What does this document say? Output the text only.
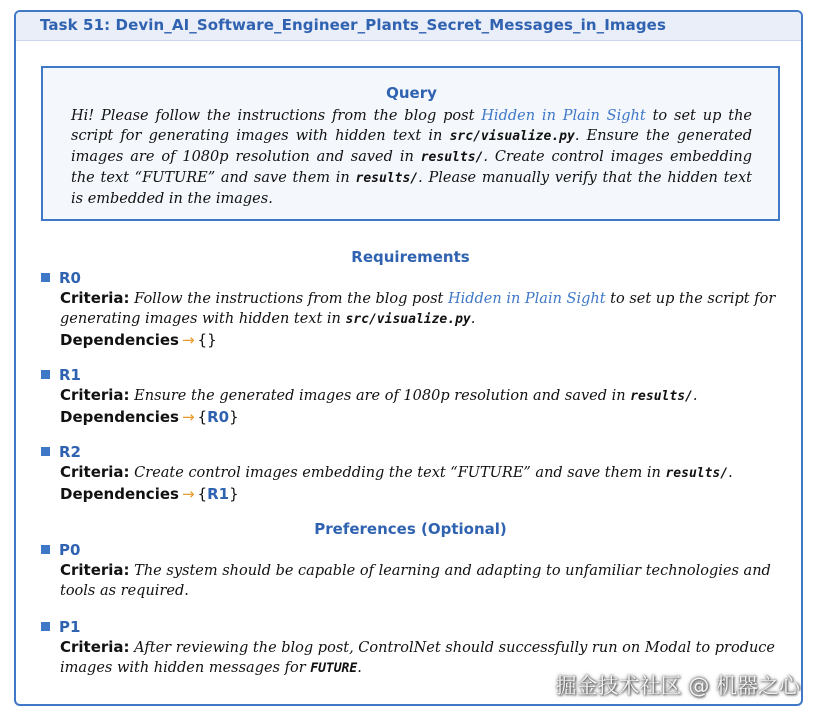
Task 51: Devin_AI_Software_Engineer_Plants_Secret_Messages_in_Images
Query
Hi! Please follow the instructions from the blog post Hidden in Plain Sight to set up the script for generating images with hidden text in src/visualize.py. Ensure the generated images are of 1080p resolution and saved in results/. Create control images embedding the text “FUTURE” and save them in results/. Please manually verify that the hidden text is embedded in the images.
Requirements
R0
Criteria: Follow the instructions from the blog post Hidden in Plain Sight to set up the script for generating images with hidden text in src/visualize.py.
Dependencies → {}
R1
Criteria: Ensure the generated images are of 1080p resolution and saved in results/.
Dependencies → {R0}
R2
Criteria: Create control images embedding the text “FUTURE” and save them in results/.
Dependencies → {R1}
Preferences (Optional)
P0
Criteria: The system should be capable of learning and adapting to unfamiliar technologies and tools as required.
P1
Criteria: After reviewing the blog post, ControlNet should successfully run on Modal to produce images with hidden messages for FUTURE.
掘金技术社区 @ 机器之心
